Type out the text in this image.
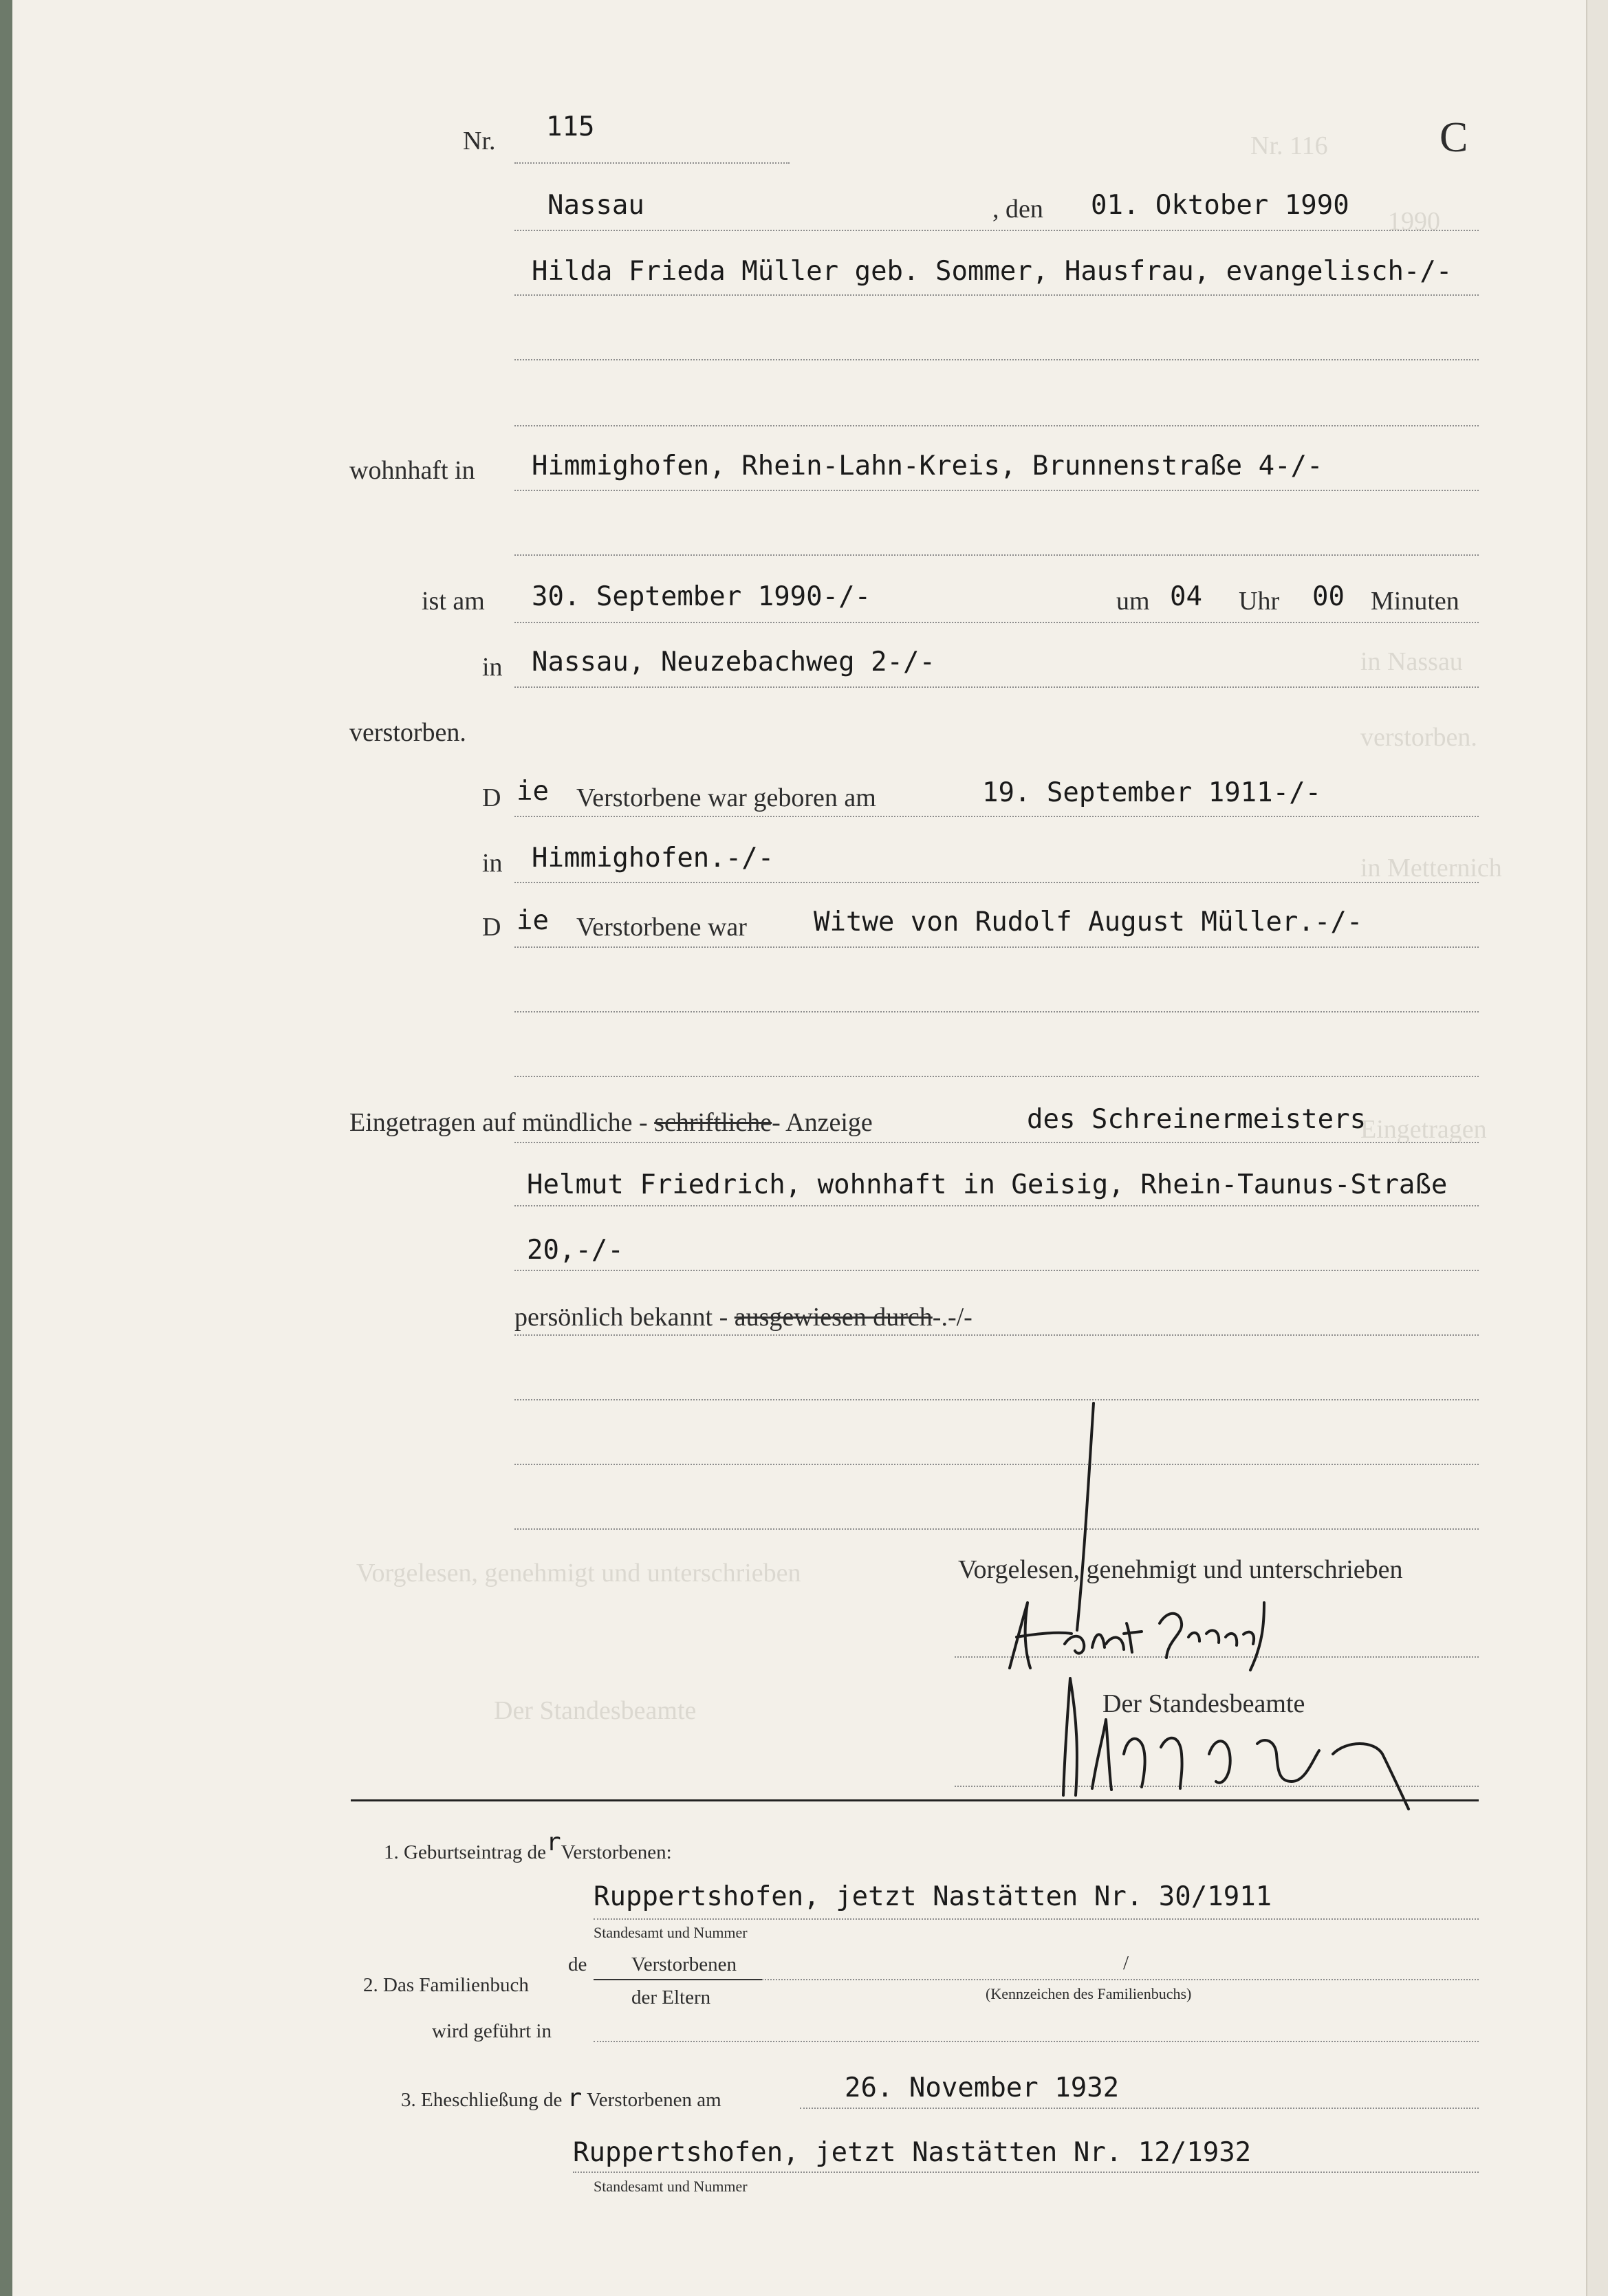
Nr. 116
1990
in Nassau
verstorben.
in Metternich
Eingetragen
Vorgelesen, genehmigt und unterschrieben
Der Standesbeamte
C
Nr. 115
Nassau	, den 01. Oktober 1990
Hilda Frieda Müller geb. Sommer, Hausfrau, evangelisch-/-
wohnhaft in Himmighofen, Rhein-Lahn-Kreis, Brunnenstraße 4-/-
ist am 30. September 1990-/-	um 04 Uhr 00 Minuten
in Nassau, Neuzebachweg 2-/-
verstorben.
D ie Verstorbene war geboren am	19. September 1911-/-
in Himmighofen.-/-
D ie Verstorbene war Witwe von Rudolf August Müller.-/-
Eingetragen auf mündliche - schriftliche- Anzeige	des Schreinermeisters
Helmut Friedrich, wohnhaft in Geisig, Rhein-Taunus-Straße
20,-/-
persönlich bekannt - ausgewiesen durch-.-/-
Vorgelesen, genehmigt und unterschrieben
Der Standesbeamte
1. Geburtseintrag derVerstorbenen:
Ruppertshofen, jetzt Nastätten Nr. 30/1911
Standesamt und Nummer
2. Das Familienbuch
de Verstorbenen
der Eltern
/
(Kennzeichen des Familienbuchs)
wird geführt in
3. Eheschließung de r Verstorbenen am	26. November 1932
Ruppertshofen, jetzt Nastätten Nr. 12/1932
Standesamt und Nummer
